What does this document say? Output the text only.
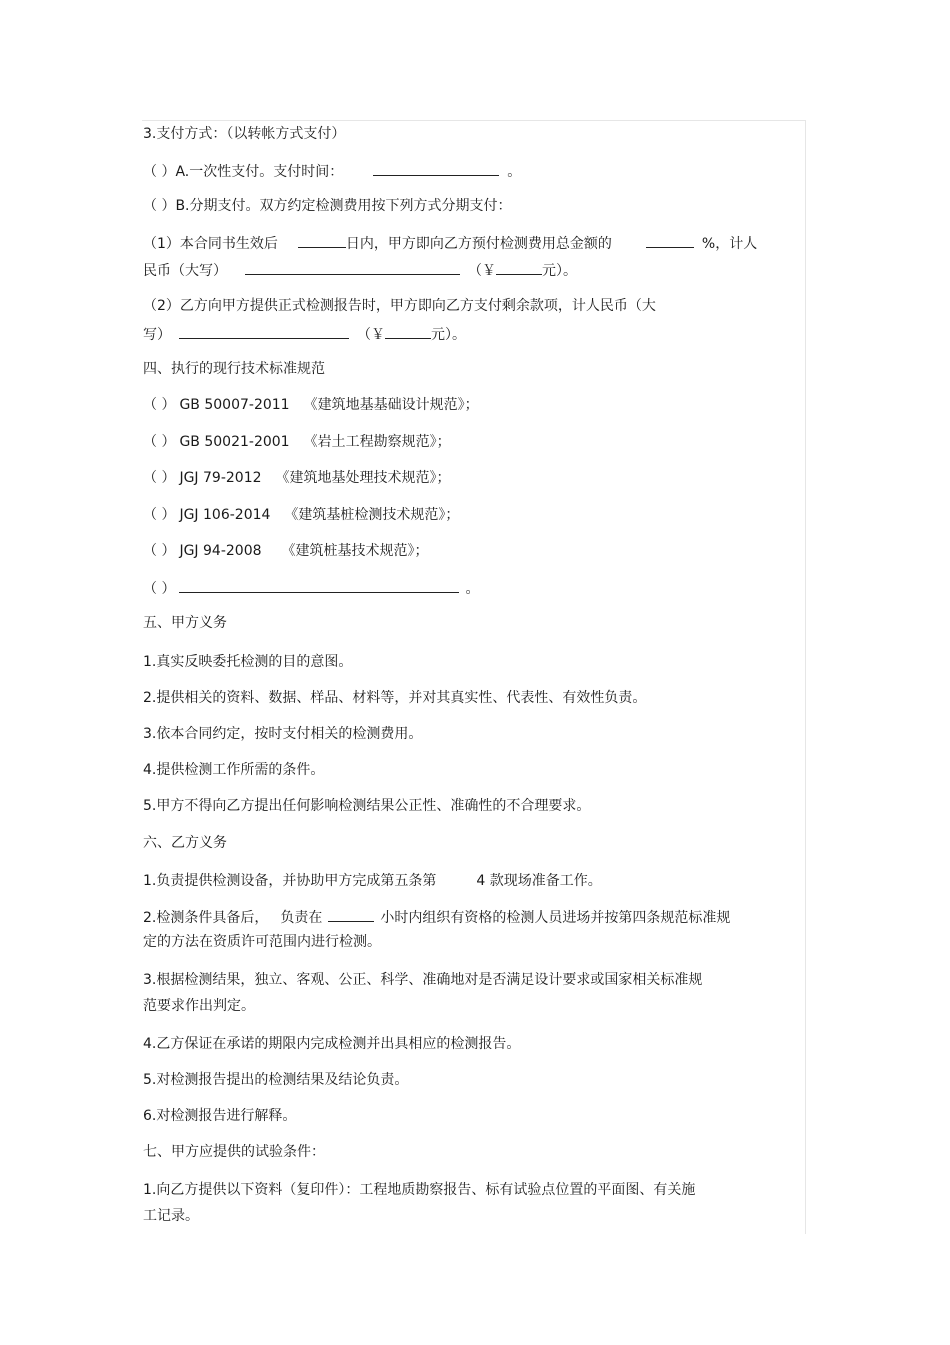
3.支付方式：（以转帐方式支付）

（ ）A.一次性支付。支付时间：	。

（ ）B.分期支付。双方约定检测费用按下列方式分期支付：

（1）本合同书生效后	日内，甲方即向乙方预付检测费用总金额的	%，计人

民币（大写）	（￥	元）。

（2）乙方向甲方提供正式检测报告时，甲方即向乙方支付剩余款项，计人民币（大

写）	（￥	元）。

四、执行的现行技术标准规范

（ ） GB 50007-2011 《建筑地基基础设计规范》；

（ ） GB 50021-2001 《岩土工程勘察规范》；

（ ） JGJ 79-2012 《建筑地基处理技术规范》；

（ ） JGJ 106-2014 《建筑基桩检测技术规范》；

（ ） JGJ 94-2008 《建筑桩基技术规范》；

（ ）	。

五、甲方义务

1.真实反映委托检测的目的意图。

2.提供相关的资料、数据、样品、材料等，并对其真实性、代表性、有效性负责。

3.依本合同约定，按时支付相关的检测费用。

4.提供检测工作所需的条件。

5.甲方不得向乙方提出任何影响检测结果公正性、准确性的不合理要求。

六、乙方义务

1.负责提供检测设备，并协助甲方完成第五条第	4 款现场准备工作。

2.检测条件具备后， 负责在	小时内组织有资格的检测人员进场并按第四条规范标准规

定的方法在资质许可范围内进行检测。

3.根据检测结果，独立、客观、公正、科学、准确地对是否满足设计要求或国家相关标准规

范要求作出判定。

4.乙方保证在承诺的期限内完成检测并出具相应的检测报告。

5.对检测报告提出的检测结果及结论负责。

6.对检测报告进行解释。

七、甲方应提供的试验条件：

1.向乙方提供以下资料（复印件）：工程地质勘察报告、标有试验点位置的平面图、有关施

工记录。
